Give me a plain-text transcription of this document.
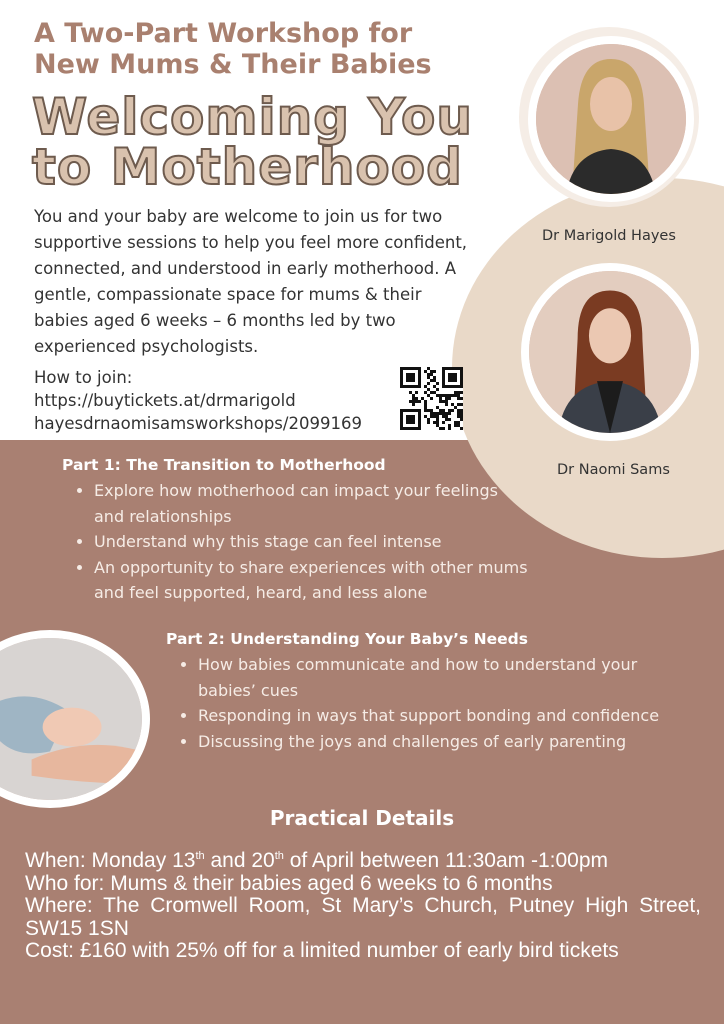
A Two-Part Workshop for
New Mums & Their Babies
Welcoming You
to Motherhood
You and your baby are welcome to join us for two supportive sessions to help you feel more confident, connected, and understood in early motherhood. A gentle, compassionate space for mums & their babies aged 6 weeks – 6 months led by two experienced psychologists.
How to join:
https://buytickets.at/drmarigold
hayesdrnaomisamsworkshops/2099169
Dr Marigold Hayes
Dr Naomi Sams
Part 1: The Transition to Motherhood
• Explore how motherhood can impact your feelings and relationships
• Understand why this stage can feel intense
• An opportunity to share experiences with other mums and feel supported, heard, and less alone
Part 2: Understanding Your Baby’s Needs
• How babies communicate and how to understand your babies’ cues
• Responding in ways that support bonding and confidence
• Discussing the joys and challenges of early parenting
Practical Details
When: Monday 13th and 20th of April between 11:30am -1:00pm
Who for: Mums & their babies aged 6 weeks to 6 months
Where: The Cromwell Room, St Mary’s Church, Putney High Street, SW15 1SN
Cost: £160 with 25% off for a limited number of early bird tickets
